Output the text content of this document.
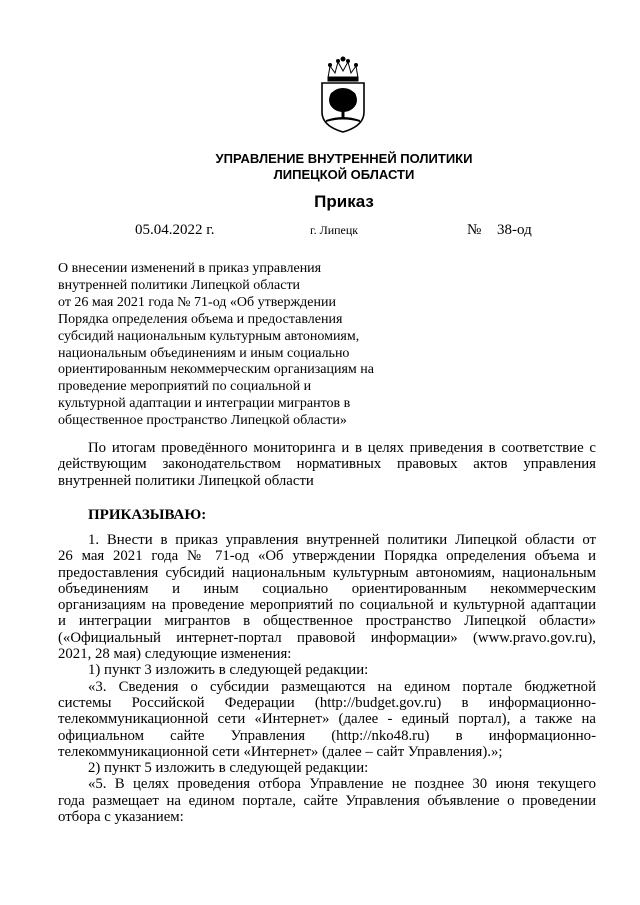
УПРАВЛЕНИЕ ВНУТРЕННЕЙ ПОЛИТИКИ
ЛИПЕЦКОЙ ОБЛАСТИ
Приказ
05.04.2022 г.	г. Липецк	№ 38-од
О внесении изменений в приказ управления
внутренней политики Липецкой области
от 26 мая 2021 года № 71-од «Об утверждении
Порядка определения объема и предоставления
субсидий национальным культурным автономиям,
национальным объединениям и иным социально
ориентированным некоммерческим организациям на
проведение мероприятий по социальной и
культурной адаптации и интеграции мигрантов в
общественное пространство Липецкой области»
По итогам проведённого мониторинга и в целях приведения в соответствие с
действующим законодательством нормативных правовых актов управления
внутренней политики Липецкой области
ПРИКАЗЫВАЮ:
1. Внести в приказ управления внутренней политики Липецкой области от
26 мая 2021 года № 71-од «Об утверждении Порядка определения объема и
предоставления субсидий национальным культурным автономиям, национальным
объединениям и иным социально ориентированным некоммерческим
организациям на проведение мероприятий по социальной и культурной адаптации
и интеграции мигрантов в общественное пространство Липецкой области»
(«Официальный интернет-портал правовой информации» (www.pravo.gov.ru),
2021, 28 мая) следующие изменения:
1) пункт 3 изложить в следующей редакции:
«3. Сведения о субсидии размещаются на едином портале бюджетной
системы Российской Федерации (http://budget.gov.ru) в информационно-
телекоммуникационной сети «Интернет» (далее - единый портал), а также на
официальном сайте Управления (http://nko48.ru) в информационно-
телекоммуникационной сети «Интернет» (далее – сайт Управления).»;
2) пункт 5 изложить в следующей редакции:
«5. В целях проведения отбора Управление не позднее 30 июня текущего
года размещает на едином портале, сайте Управления объявление о проведении
отбора с указанием:
